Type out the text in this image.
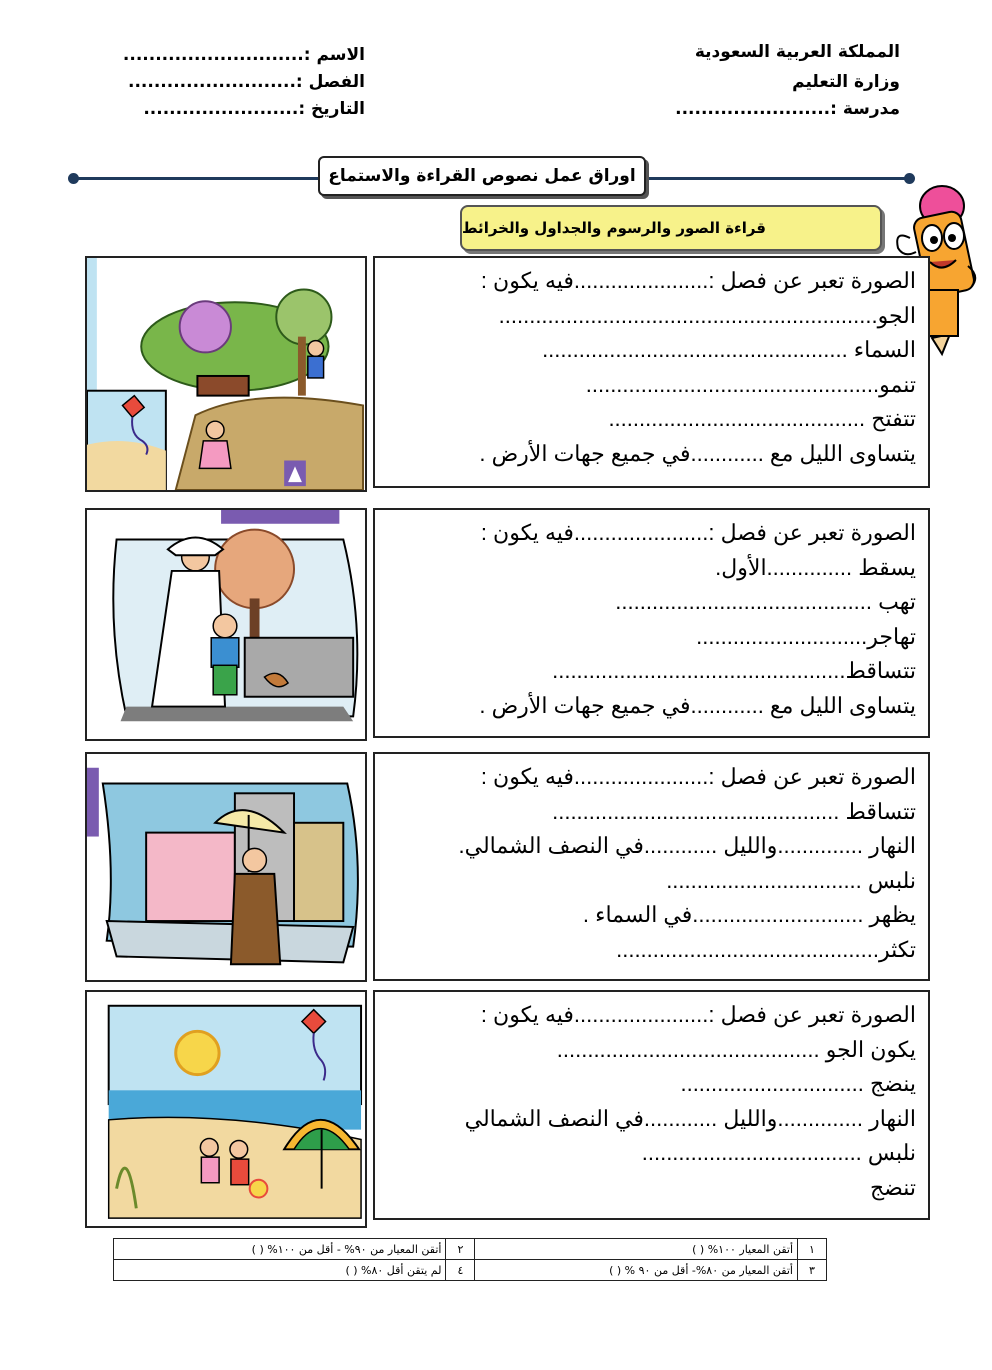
المملكة العربية السعودية
وزارة التعليم
مدرسة :........................
الاسم :............................
الفصل :..........................
التاريخ :........................
اوراق عمل نصوص القراءة والاستماع
قراءة الصور والرسوم والجداول والخرائط
الصورة تعبر عن فصل :......................فيه يكون :
الجو..............................................................
السماء ..................................................
تنمو................................................
تتفتح ..........................................
يتساوى الليل مع ............في جميع جهات الأرض .
الصورة تعبر عن فصل :......................فيه يكون :
يسقط ..............الأول.
تهب ..........................................
تهاجر............................
تتساقط................................................
يتساوى الليل مع ............في جميع جهات الأرض .
الصورة تعبر عن فصل :......................فيه يكون :
تتساقط ...............................................
النهار ..............والليل ............في النصف الشمالي.
نلبس ................................
يظهر ............................في السماء .
تكثر...........................................
الصورة تعبر عن فصل :......................فيه يكون :
يكون الجو ...........................................
ينضج ..............................
النهار ..............والليل ............في النصف الشمالي
نلبس ....................................
تنضج
١	أتقن المعيار ١٠٠% ( )	٢	أتقن المعيار من ٩٠% - أقل من ١٠٠% ( )
٣	أتقن المعيار من ٨٠%- أقل من ٩٠ % ( )	٤	لم يتقن أقل ٨٠% ( )
